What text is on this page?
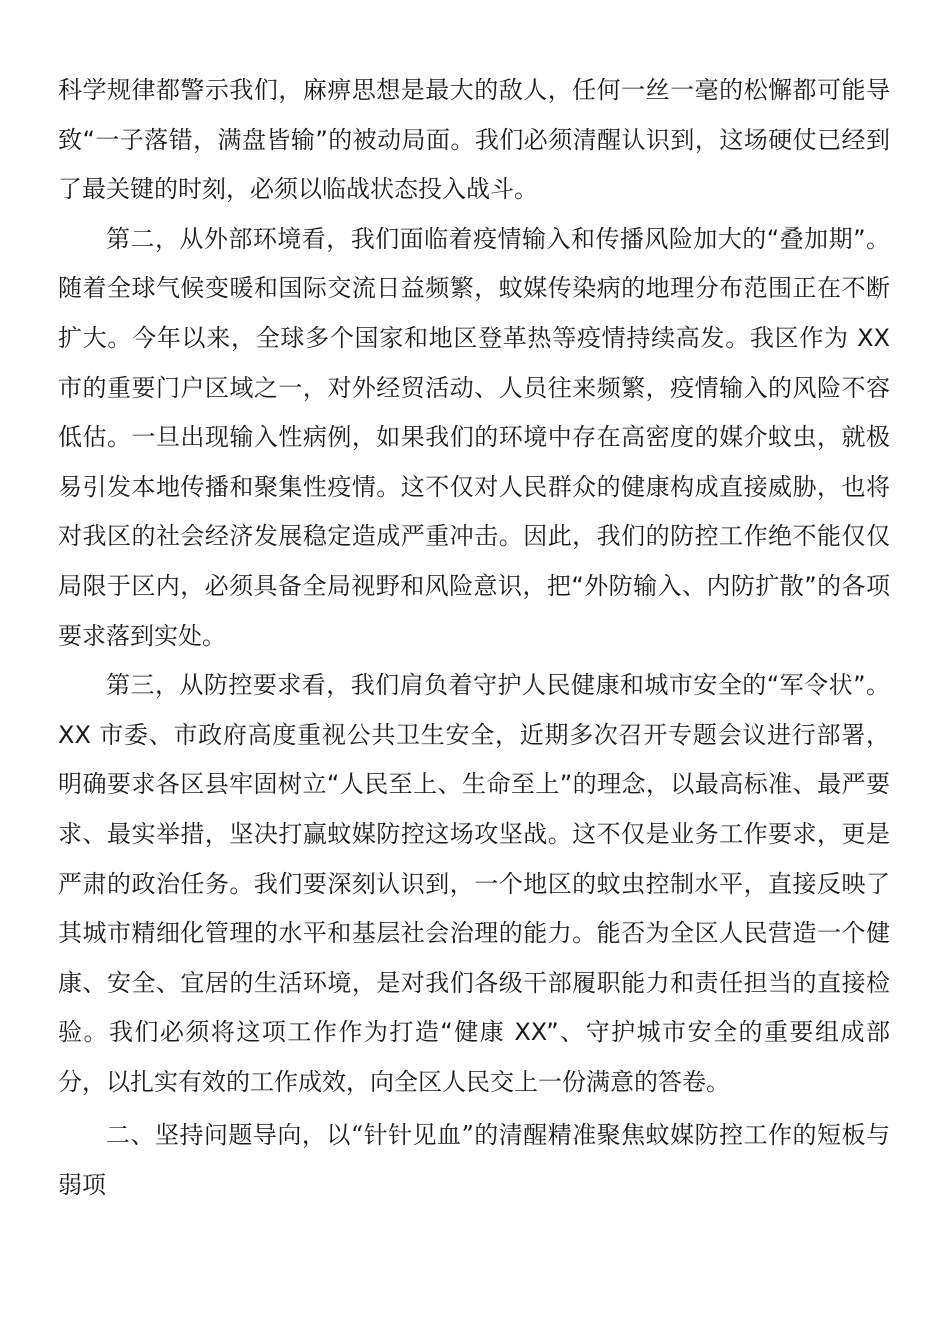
科学规律都警示我们，麻痹思想是最大的敌人，任何一丝一毫的松懈都可能导致“一子落错，满盘皆输”的被动局面。我们必须清醒认识到，这场硬仗已经到了最关键的时刻，必须以临战状态投入战斗。

第二，从外部环境看，我们面临着疫情输入和传播风险加大的“叠加期”。随着全球气候变暖和国际交流日益频繁，蚊媒传染病的地理分布范围正在不断扩大。今年以来，全球多个国家和地区登革热等疫情持续高发。我区作为 XX 市的重要门户区域之一，对外经贸活动、人员往来频繁，疫情输入的风险不容低估。一旦出现输入性病例，如果我们的环境中存在高密度的媒介蚊虫，就极易引发本地传播和聚集性疫情。这不仅对人民群众的健康构成直接威胁，也将对我区的社会经济发展稳定造成严重冲击。因此，我们的防控工作绝不能仅仅局限于区内，必须具备全局视野和风险意识，把“外防输入、内防扩散”的各项要求落到实处。

第三，从防控要求看，我们肩负着守护人民健康和城市安全的“军令状”。XX 市委、市政府高度重视公共卫生安全，近期多次召开专题会议进行部署，明确要求各区县牢固树立“人民至上、生命至上”的理念，以最高标准、最严要求、最实举措，坚决打赢蚊媒防控这场攻坚战。这不仅是业务工作要求，更是严肃的政治任务。我们要深刻认识到，一个地区的蚊虫控制水平，直接反映了其城市精细化管理的水平和基层社会治理的能力。能否为全区人民营造一个健康、安全、宜居的生活环境，是对我们各级干部履职能力和责任担当的直接检验。我们必须将这项工作作为打造“健康 XX”、守护城市安全的重要组成部分，以扎实有效的工作成效，向全区人民交上一份满意的答卷。

二、坚持问题导向，以“针针见血”的清醒精准聚焦蚊媒防控工作的短板与弱项
